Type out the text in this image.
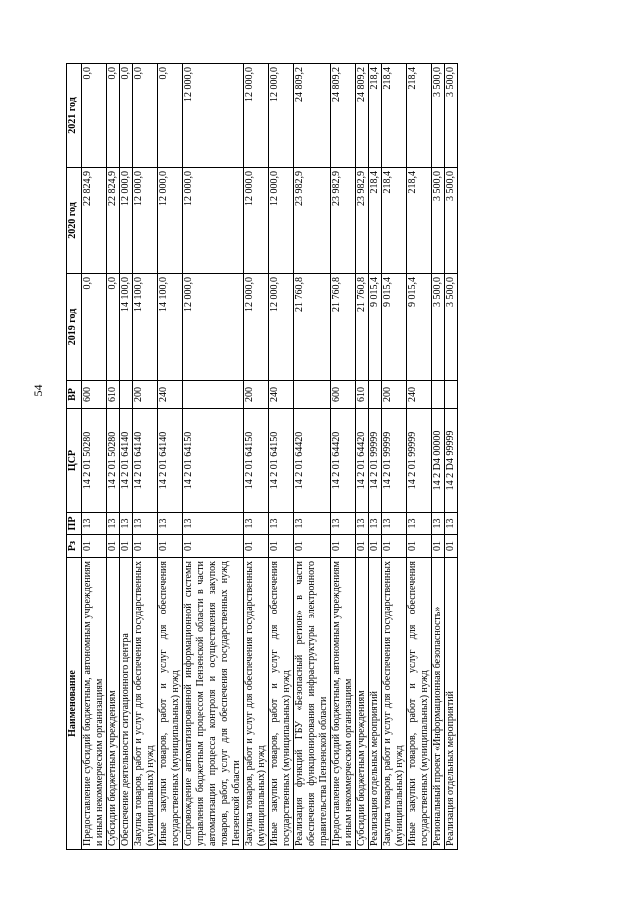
54
Наименование	Рз	ПР	ЦСР	ВР	2019 год	2020 год	2021 год
Предоставление субсидий бюджетным, автономным учреждениям и иным некоммерческим организациям	01	13	14 2 01 50280	600	0,0	22 824,9	0,0
Субсидии бюджетным учреждениям	01	13	14 2 01 50280	610	0,0	22 824,9	0,0
Обеспечение деятельности ситуационного центра	01	13	14 2 01 64140		14 100,0	12 000,0	0,0
Закупка товаров, работ и услуг для обеспечения государственных (муниципальных) нужд	01	13	14 2 01 64140	200	14 100,0	12 000,0	0,0
Иные закупки товаров, работ и услуг для обеспечения государственных (муниципальных) нужд	01	13	14 2 01 64140	240	14 100,0	12 000,0	0,0
Сопровождение автоматизированной информационной системы управления бюджетным процессом Пензенской области в части автоматизации процесса контроля и осуществления закупок товаров, работ, услуг для обеспечения государственных нужд Пензенской области	01	13	14 2 01 64150		12 000,0	12 000,0	12 000,0
Закупка товаров, работ и услуг для обеспечения государственных (муниципальных) нужд	01	13	14 2 01 64150	200	12 000,0	12 000,0	12 000,0
Иные закупки товаров, работ и услуг для обеспечения государственных (муниципальных) нужд	01	13	14 2 01 64150	240	12 000,0	12 000,0	12 000,0
Реализация функций ГБУ «Безопасный регион» в части обеспечения функционирования инфраструктуры электронного правительства Пензенской области	01	13	14 2 01 64420		21 760,8	23 982,9	24 809,2
Предоставление субсидий бюджетным, автономным учреждениям и иным некоммерческим организациям	01	13	14 2 01 64420	600	21 760,8	23 982,9	24 809,2
Субсидии бюджетным учреждениям	01	13	14 2 01 64420	610	21 760,8	23 982,9	24 809,2
Реализация отдельных мероприятий	01	13	14 2 01 99999		9 015,4	218,4	218,4
Закупка товаров, работ и услуг для обеспечения государственных (муниципальных) нужд	01	13	14 2 01 99999	200	9 015,4	218,4	218,4
Иные закупки товаров, работ и услуг для обеспечения государственных (муниципальных) нужд	01	13	14 2 01 99999	240	9 015,4	218,4	218,4
Региональный проект «Информационная безопасность»	01	13	14 2 D4 00000		3 500,0	3 500,0	3 500,0
Реализация отдельных мероприятий	01	13	14 2 D4 99999		3 500,0	3 500,0	3 500,0
